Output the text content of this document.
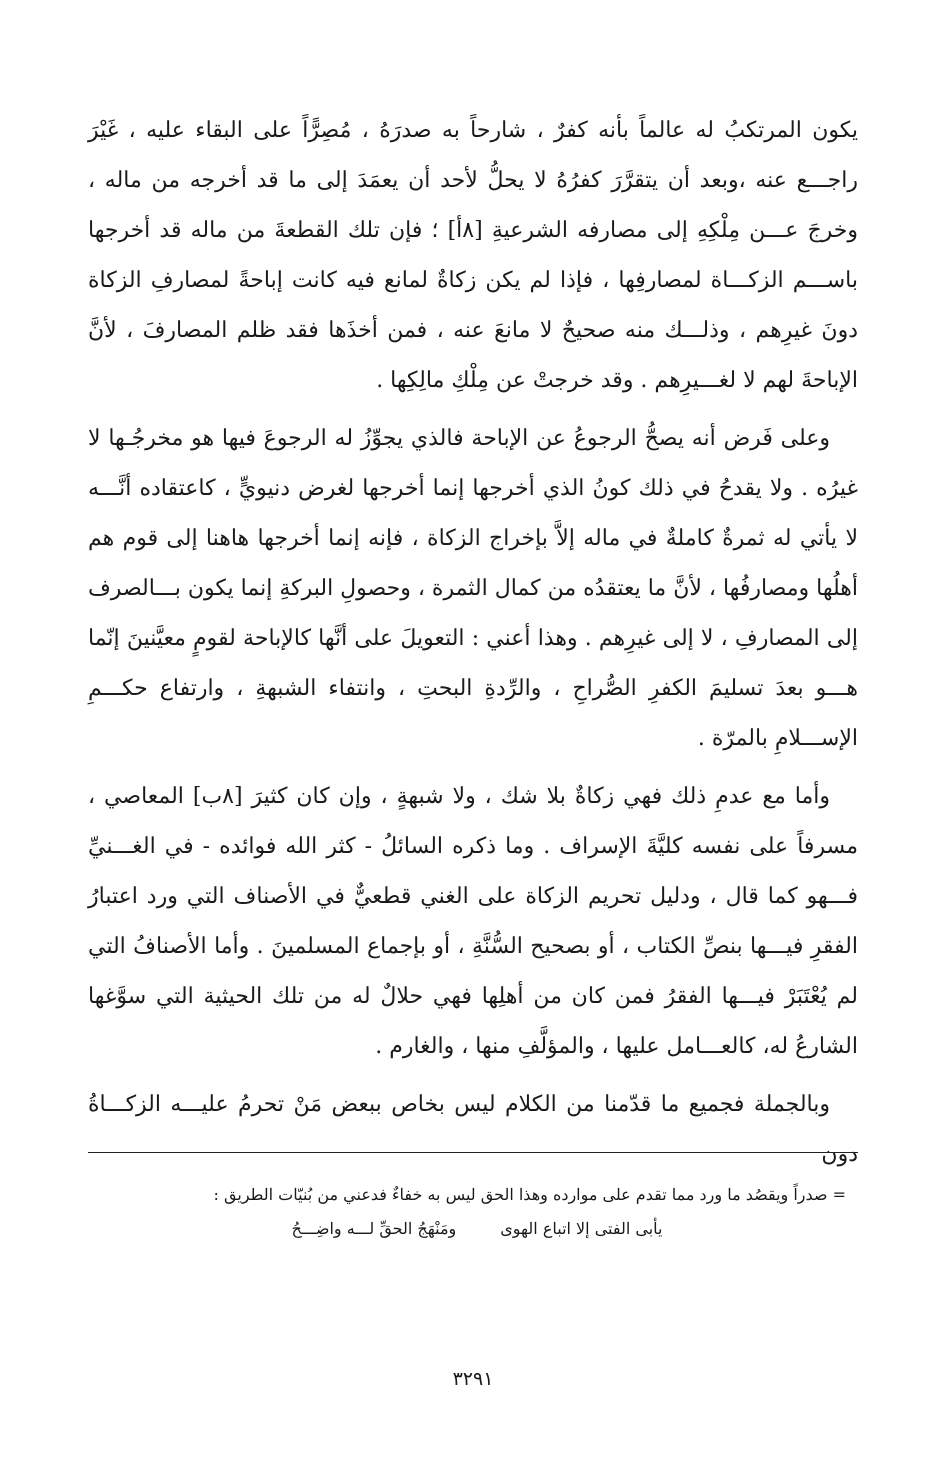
يكون المرتكبُ له عالماً بأنه كفرٌ ، شارحاً به صدرَهُ ، مُصِرًّاً على البقاء عليه ، غَيْرَ راجـــع عنه ،وبعد أن يتقرَّرَ كفرُهُ لا يحلُّ لأحد أن يعمَدَ إلى ما قد أخرجه من ماله ، وخرجَ عـــن مِلْكِهِ إلى مصارفه الشرعيةِ [٨أ] ؛ فإن تلك القطعةَ من ماله قد أخرجها باســـم الزكـــاة لمصارفِها ، فإذا لم يكن زكاةٌ لمانع فيه كانت إباحةً لمصارفِ الزكاة دونَ غيرِهم ، وذلـــك منه صحيحٌ لا مانعَ عنه ، فمن أخذَها فقد ظلم المصارفَ ، لأنَّ الإباحةَ لهم لا لغـــيرِهم . وقد خرجتْ عن مِلْكِ مالِكِها .

وعلى فَرض أنه يصحُّ الرجوعُ عن الإباحة فالذي يجوِّزُ له الرجوعَ فيها هو مخرجُـها لا غيرُه . ولا يقدحُ في ذلك كونُ الذي أخرجها إنما أخرجها لغرض دنيويٍّ ، كاعتقاده أنَّـــه لا يأتي له ثمرةٌ كاملةٌ في ماله إلاَّ بإخراج الزكاة ، فإنه إنما أخرجها هاهنا إلى قوم هم أهلُها ومصارفُها ، لأنَّ ما يعتقدُه من كمال الثمرة ، وحصولِ البركةِ إنما يكون بـــالصرف إلى المصارفِ ، لا إلى غيرِهم . وهذا أعني : التعويلَ على أنَّها كالإباحة لقومٍ معيَّنينَ إنّما هـــو بعدَ تسليمَ الكفرِ الصُّراحِ ، والرِّدةِ البحتِ ، وانتفاء الشبهةِ ، وارتفاع حكـــمِ الإســـلامِ بالمرّة .

وأما مع عدمِ ذلك فهي زكاةٌ بلا شك ، ولا شبهةٍ ، وإن كان كثيرَ [٨ب] المعاصي ، مسرفاً على نفسه كليَّةَ الإسراف . وما ذكره السائلُ - كثر الله فوائده - في الغـــنيِّ فـــهو كما قال ، ودليل تحريم الزكاة على الغني قطعيٌّ في الأصناف التي ورد اعتبارُ الفقرِ فيـــها بنصِّ الكتاب ، أو بصحيح السُّنَّةِ ، أو بإجماع المسلمينَ . وأما الأصنافُ التي لم يُعْتَبَرْ فيـــها الفقرُ فمن كان من أهلِها فهي حلالٌ له من تلك الحيثية التي سوَّغها الشارعُ له، كالعـــامل عليها ، والمؤلَّفِ منها ، والغارم .

وبالجملة فجميع ما قدّمنا من الكلام ليس بخاص ببعض مَنْ تحرمُ عليـــه الزكـــاةُ دون

= صدراً ويقصُد ما ورد مما تقدم على موارده وهذا الحق ليس به خفاءٌ فدعني من بُنيّات الطريق :
يأبى الفتى إلا اتباع الهوى
ومَنْهَجُ الحقِّ لـــه واضِـــحُ
٣٢٩١
